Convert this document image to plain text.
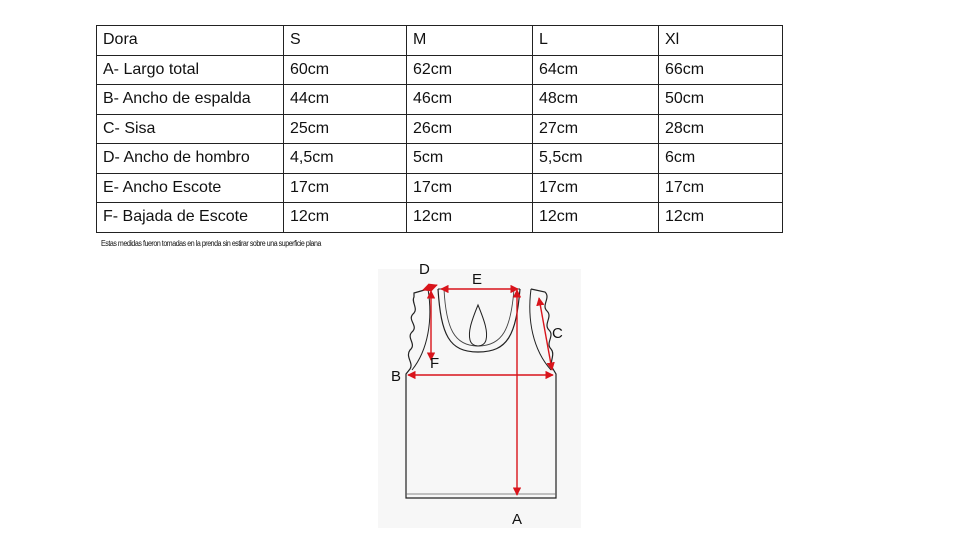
Dora	S	M	L	Xl
A- Largo total	60cm	62cm	64cm	66cm
B- Ancho de espalda	44cm	46cm	48cm	50cm
C- Sisa	25cm	26cm	27cm	28cm
D- Ancho de hombro	4,5cm	5cm	5,5cm	6cm
E- Ancho Escote	17cm	17cm	17cm	17cm
F- Bajada de Escote	12cm	12cm	12cm	12cm
Estas medidas fueron tomadas en la prenda sin estirar sobre una superficie plana
A
B
C
D
E
F
